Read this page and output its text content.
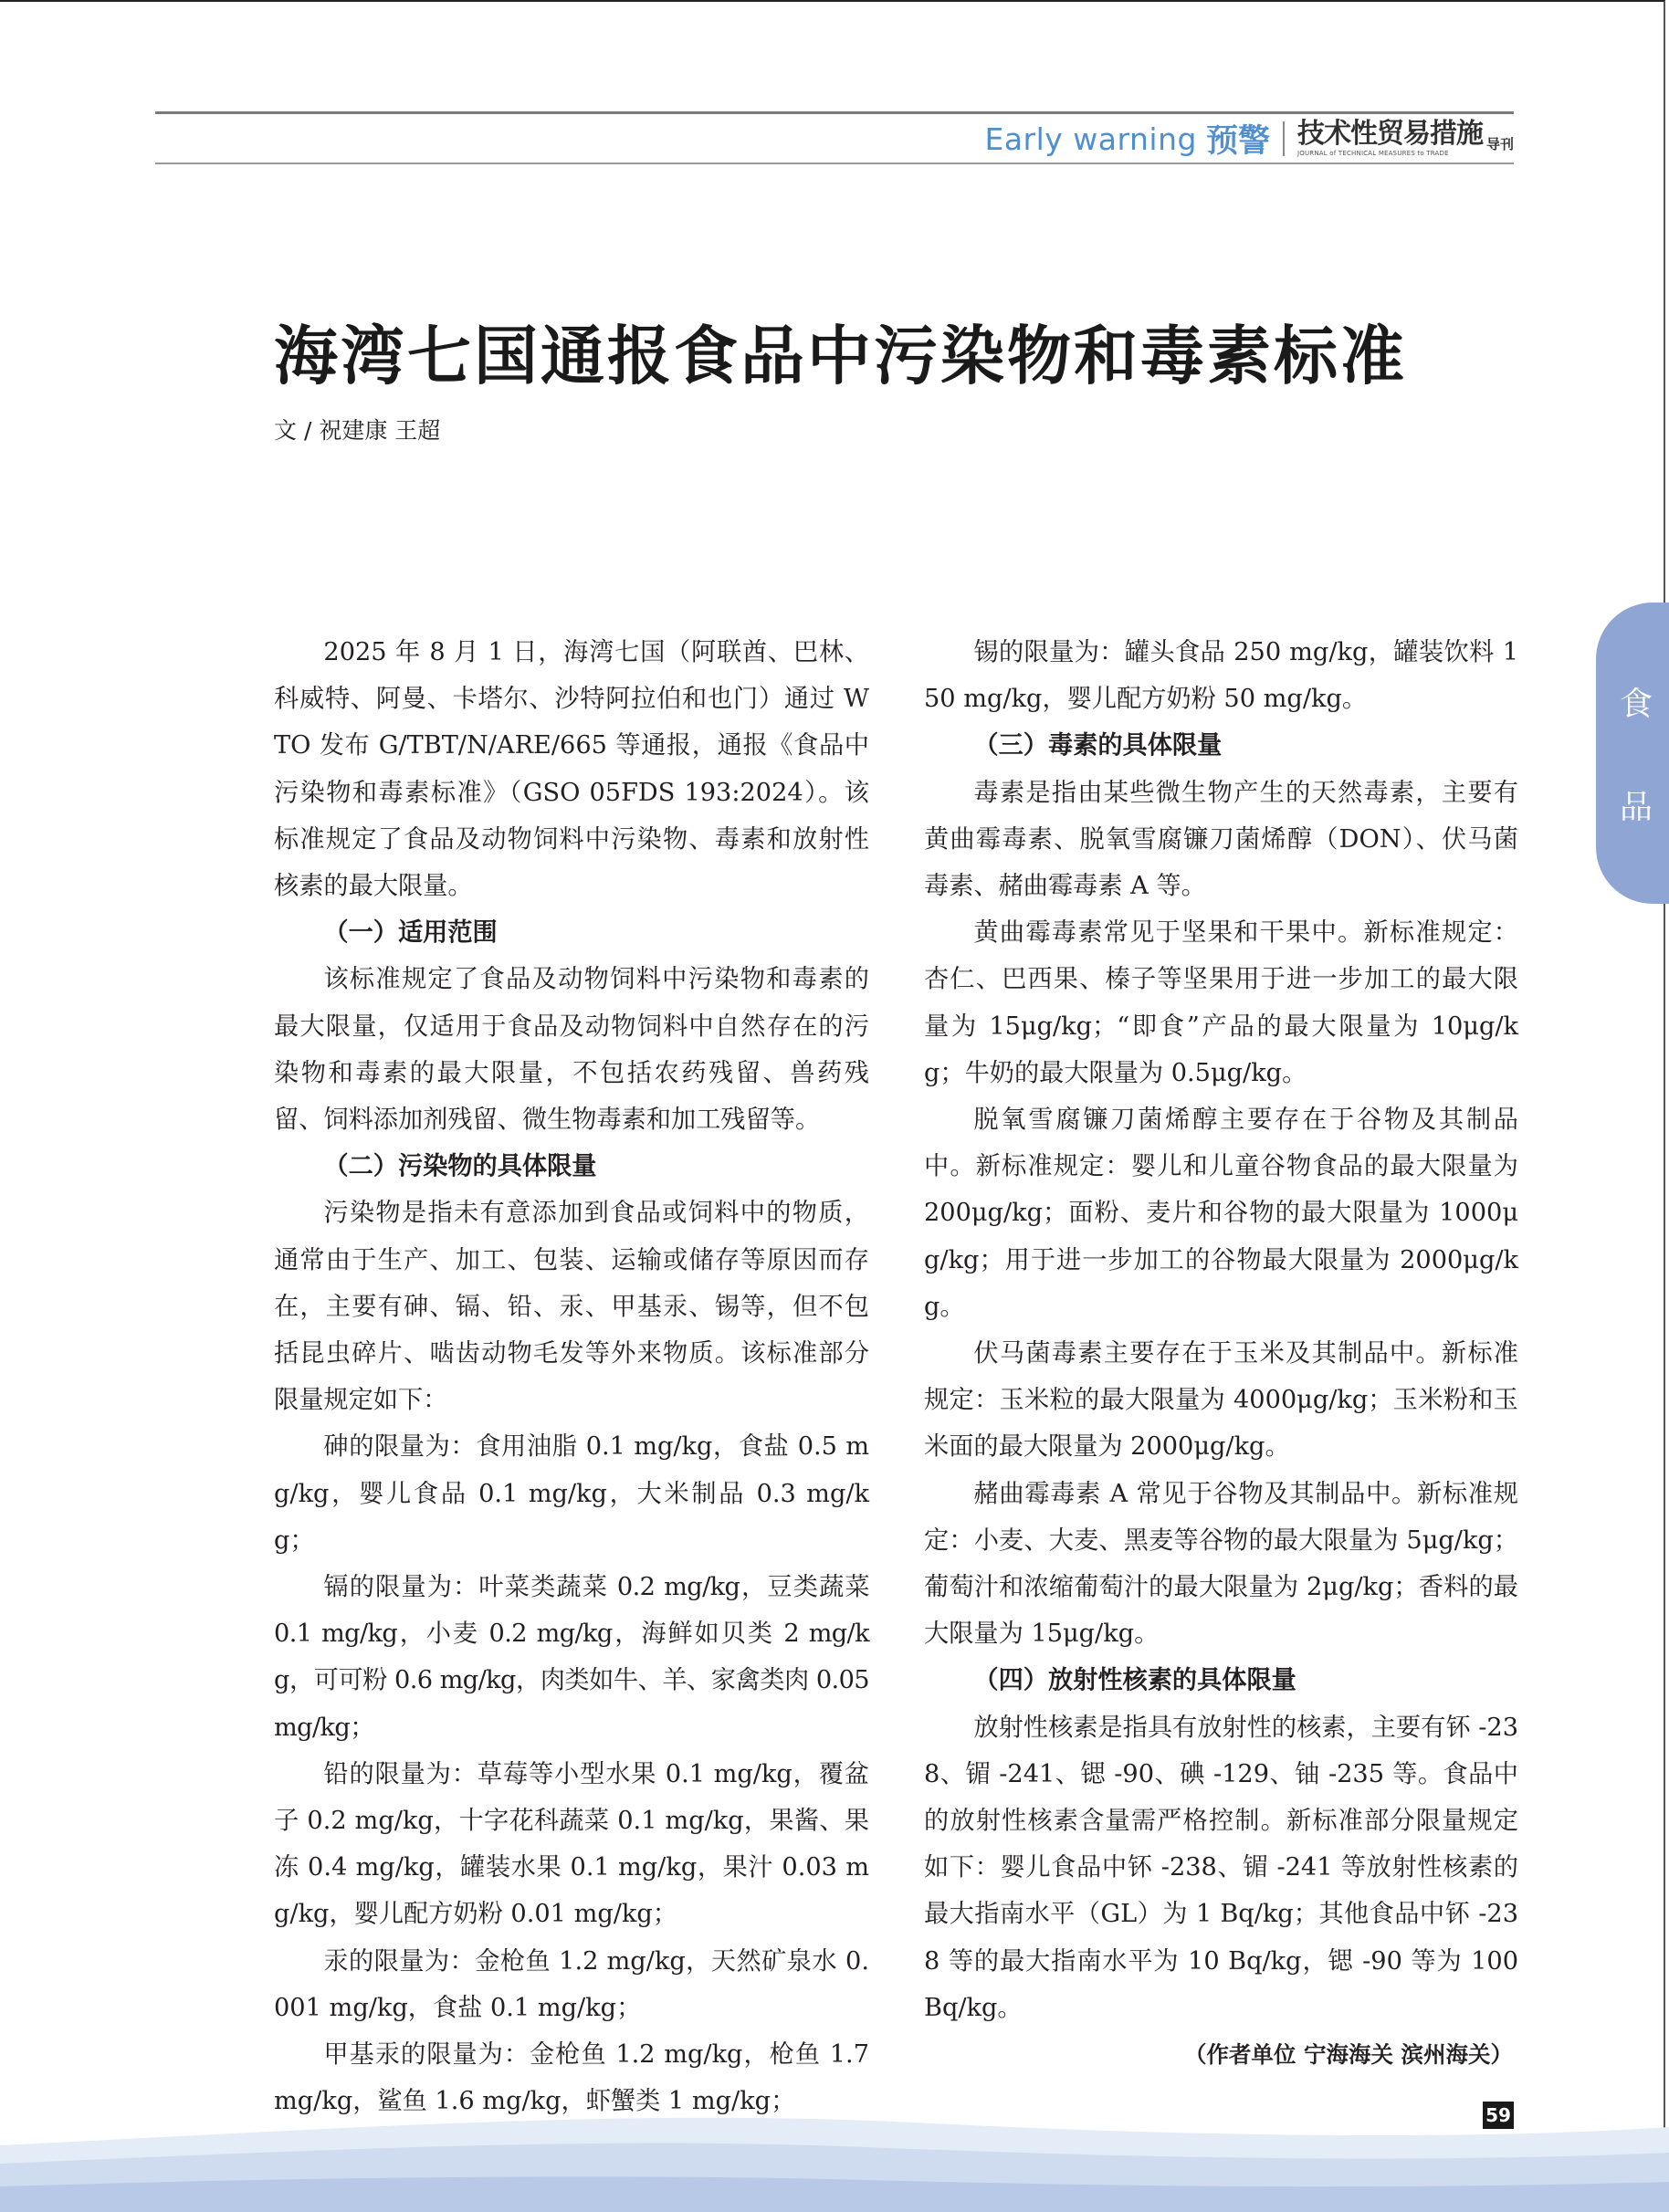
Early warning 预警 技术性贸易措施
JOURNAL of TECHNICAL MEASURES to TRADE
导刊
海湾七国通报食品中污染物和毒素标准
文 / 祝建康 王超
食
品

2025 年 8 月 1 日，海湾七国（阿联酋、巴林、科威特、阿曼、卡塔尔、沙特阿拉伯和也门）通过 WTO 发布 G/TBT/N/ARE/665 等通报，通报《食品中污染物和毒素标准》（GSO 05FDS 193:2024）。该标准规定了食品及动物饲料中污染物、毒素和放射性核素的最大限量。

（一）适用范围

该标准规定了食品及动物饲料中污染物和毒素的最大限量，仅适用于食品及动物饲料中自然存在的污染物和毒素的最大限量，不包括农药残留、兽药残留、饲料添加剂残留、微生物毒素和加工残留等。

（二）污染物的具体限量

污染物是指未有意添加到食品或饲料中的物质，通常由于生产、加工、包装、运输或储存等原因而存在，主要有砷、镉、铅、汞、甲基汞、锡等，但不包括昆虫碎片、啮齿动物毛发等外来物质。该标准部分限量规定如下：

砷的限量为：食用油脂 0.1 mg/kg，食盐 0.5 mg/kg，婴儿食品 0.1 mg/kg，大米制品 0.3 mg/kg；

镉的限量为：叶菜类蔬菜 0.2 mg/kg，豆类蔬菜 0.1 mg/kg，小麦 0.2 mg/kg，海鲜如贝类 2 mg/kg，可可粉 0.6 mg/kg，肉类如牛、羊、家禽类肉 0.05 mg/kg；

铅的限量为：草莓等小型水果 0.1 mg/kg，覆盆子 0.2 mg/kg，十字花科蔬菜 0.1 mg/kg，果酱、果冻 0.4 mg/kg，罐装水果 0.1 mg/kg，果汁 0.03 mg/kg，婴儿配方奶粉 0.01 mg/kg；

汞的限量为：金枪鱼 1.2 mg/kg，天然矿泉水 0.001 mg/kg，食盐 0.1 mg/kg；

甲基汞的限量为：金枪鱼 1.2 mg/kg，枪鱼 1.7 mg/kg，鲨鱼 1.6 mg/kg，虾蟹类 1 mg/kg；

锡的限量为：罐头食品 250 mg/kg，罐装饮料 150 mg/kg，婴儿配方奶粉 50 mg/kg。

（三）毒素的具体限量

毒素是指由某些微生物产生的天然毒素，主要有黄曲霉毒素、脱氧雪腐镰刀菌烯醇（DON）、伏马菌毒素、赭曲霉毒素 A 等。

黄曲霉毒素常见于坚果和干果中。新标准规定：杏仁、巴西果、榛子等坚果用于进一步加工的最大限量为 15μg/kg；“即食”产品的最大限量为 10μg/kg；牛奶的最大限量为 0.5μg/kg。

脱氧雪腐镰刀菌烯醇主要存在于谷物及其制品中。新标准规定：婴儿和儿童谷物食品的最大限量为 200μg/kg；面粉、麦片和谷物的最大限量为 1000μg/kg；用于进一步加工的谷物最大限量为 2000μg/kg。

伏马菌毒素主要存在于玉米及其制品中。新标准规定：玉米粒的最大限量为 4000μg/kg；玉米粉和玉米面的最大限量为 2000μg/kg。

赭曲霉毒素 A 常见于谷物及其制品中。新标准规定：小麦、大麦、黑麦等谷物的最大限量为 5μg/kg；葡萄汁和浓缩葡萄汁的最大限量为 2μg/kg；香料的最大限量为 15μg/kg。

（四）放射性核素的具体限量

放射性核素是指具有放射性的核素，主要有钚 -238、镅 -241、锶 -90、碘 -129、铀 -235 等。食品中的放射性核素含量需严格控制。新标准部分限量规定如下：婴儿食品中钚 -238、镅 -241 等放射性核素的最大指南水平（GL）为 1 Bq/kg；其他食品中钚 -238 等的最大指南水平为 10 Bq/kg，锶 -90 等为 100 Bq/kg。

（作者单位 宁海海关 滨州海关）

59
